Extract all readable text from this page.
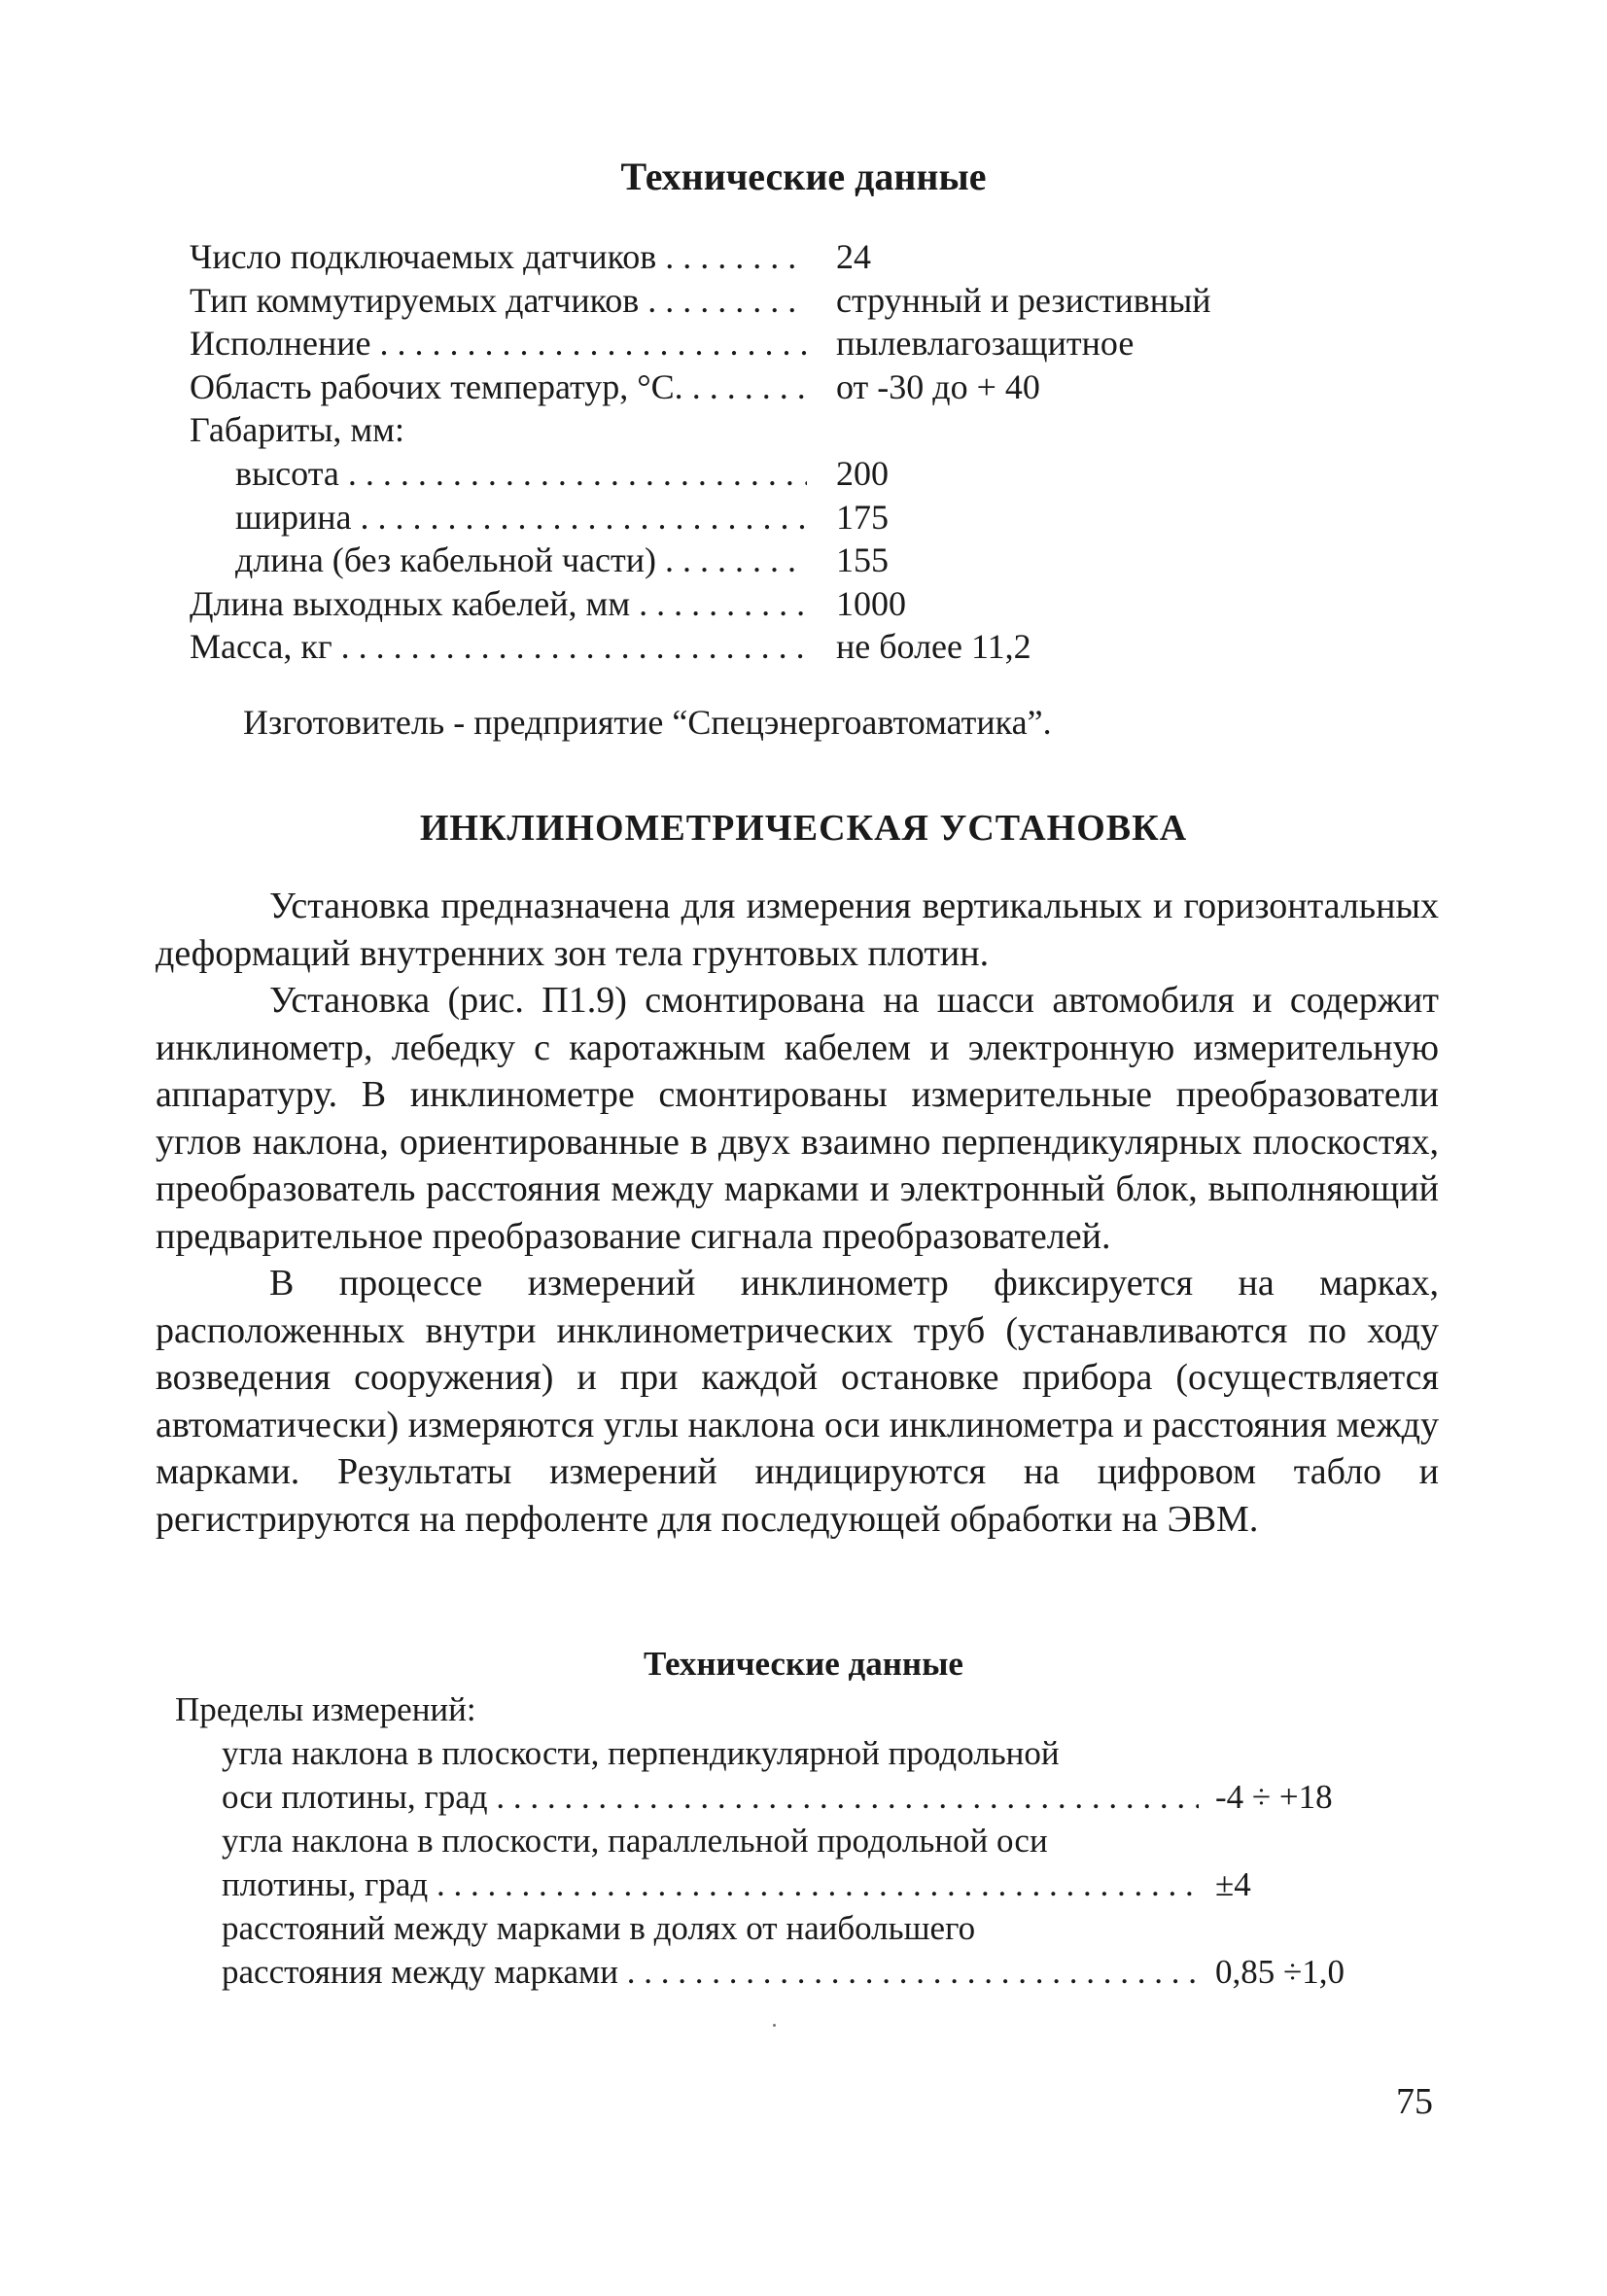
Технические данные
Число подключаемых датчиков . . .	24
Тип коммутируемых датчиков . . .	струнный и резистивный
Исполнение . . .	пылевлагозащитное
Область рабочих температур, °С. . . .	от -30 до + 40
Габариты, мм:
высота . . .	200
ширина . . .	175
длина (без кабельной части) . . .	155
Длина выходных кабелей, мм . . .	1000
Масса, кг . . .	не более 11,2
Изготовитель - предприятие “Спецэнергоавтоматика”.
ИНКЛИНОМЕТРИЧЕСКАЯ УСТАНОВКА

Установка предназначена для измерения вертикальных и горизонтальных деформаций внутренних зон тела грунтовых плотин.

Установка (рис. П1.9) смонтирована на шасси автомобиля и содержит инклинометр, лебедку с каротажным кабелем и электронную измерительную аппаратуру. В инклинометре смонтированы измерительные преобразователи углов наклона, ориентированные в двух взаимно перпендикулярных плоскостях, преобразователь расстояния между марками и электронный блок, выполняющий предварительное преобразование сигнала преобразователей.

В процессе измерений инклинометр фиксируется на марках, расположенных внутри инклинометрических труб (устанавливаются по ходу возведения сооружения) и при каждой остановке прибора (осуществляется автоматически) измеряются углы наклона оси инклинометра и расстояния между марками. Результаты измерений индицируются на цифровом табло и регистрируются на перфоленте для последующей обработки на ЭВМ.

Технические данные
Пределы измерений:
угла наклона в плоскости, перпендикулярной продольной
оси плотины, град . . .	-4 ÷ +18
угла наклона в плоскости, параллельной продольной оси
плотины, град . . .	±4
расстояний между марками в долях от наибольшего
расстояния между марками . . .	0,85 ÷1,0
75
